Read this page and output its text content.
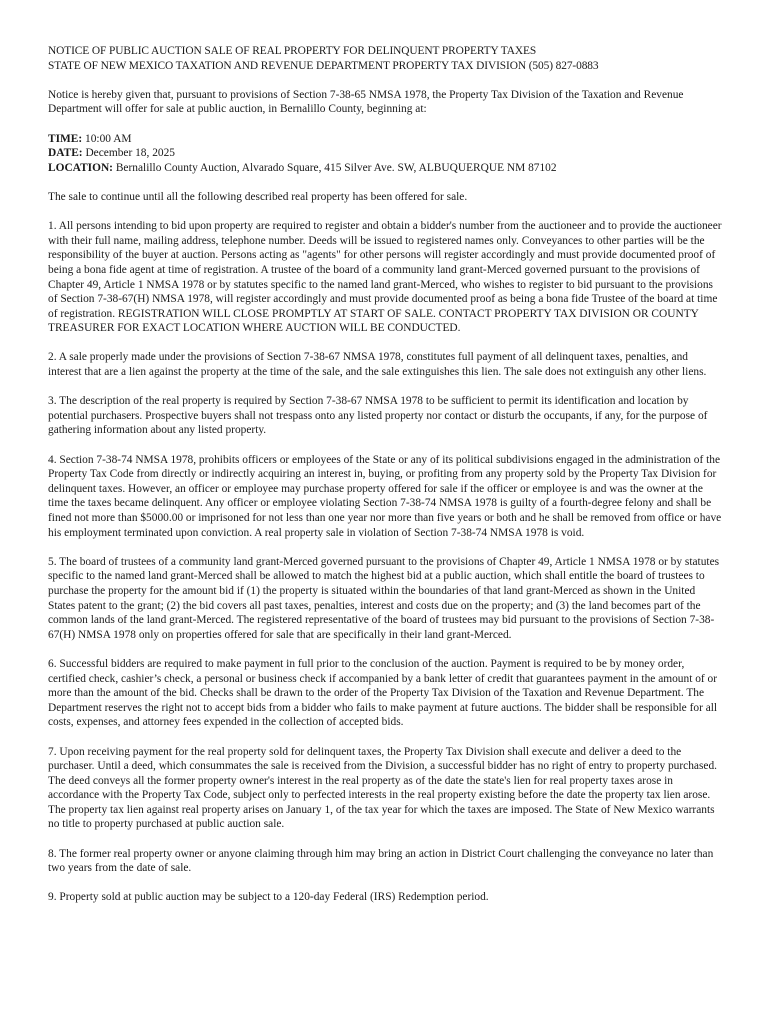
NOTICE OF PUBLIC AUCTION SALE OF REAL PROPERTY FOR DELINQUENT PROPERTY TAXES
STATE OF NEW MEXICO TAXATION AND REVENUE DEPARTMENT PROPERTY TAX DIVISION (505) 827-0883

Notice is hereby given that, pursuant to provisions of Section 7-38-65 NMSA 1978, the Property Tax Division of the Taxation and Revenue Department will offer for sale at public auction, in Bernalillo County, beginning at:

TIME: 10:00 AM
DATE: December 18, 2025
LOCATION: Bernalillo County Auction, Alvarado Square, 415 Silver Ave. SW, ALBUQUERQUE NM 87102

The sale to continue until all the following described real property has been offered for sale.

1. All persons intending to bid upon property are required to register and obtain a bidder's number from the auctioneer and to provide the auctioneer with their full name, mailing address, telephone number. Deeds will be issued to registered names only. Conveyances to other parties will be the responsibility of the buyer at auction. Persons acting as "agents" for other persons will register accordingly and must provide documented proof of being a bona fide agent at time of registration. A trustee of the board of a community land grant-Merced governed pursuant to the provisions of Chapter 49, Article 1 NMSA 1978 or by statutes specific to the named land grant-Merced, who wishes to register to bid pursuant to the provisions of Section 7-38-67(H) NMSA 1978, will register accordingly and must provide documented proof as being a bona fide Trustee of the board at time of registration. REGISTRATION WILL CLOSE PROMPTLY AT START OF SALE. CONTACT PROPERTY TAX DIVISION OR COUNTY TREASURER FOR EXACT LOCATION WHERE AUCTION WILL BE CONDUCTED.

2. A sale properly made under the provisions of Section 7-38-67 NMSA 1978, constitutes full payment of all delinquent taxes, penalties, and interest that are a lien against the property at the time of the sale, and the sale extinguishes this lien. The sale does not extinguish any other liens.

3. The description of the real property is required by Section 7-38-67 NMSA 1978 to be sufficient to permit its identification and location by potential purchasers. Prospective buyers shall not trespass onto any listed property nor contact or disturb the occupants, if any, for the purpose of gathering information about any listed property.

4. Section 7-38-74 NMSA 1978, prohibits officers or employees of the State or any of its political subdivisions engaged in the administration of the Property Tax Code from directly or indirectly acquiring an interest in, buying, or profiting from any property sold by the Property Tax Division for delinquent taxes. However, an officer or employee may purchase property offered for sale if the officer or employee is and was the owner at the time the taxes became delinquent. Any officer or employee violating Section 7-38-74 NMSA 1978 is guilty of a fourth-degree felony and shall be fined not more than $5000.00 or imprisoned for not less than one year nor more than five years or both and he shall be removed from office or have his employment terminated upon conviction. A real property sale in violation of Section 7-38-74 NMSA 1978 is void.

5. The board of trustees of a community land grant-Merced governed pursuant to the provisions of Chapter 49, Article 1 NMSA 1978 or by statutes specific to the named land grant-Merced shall be allowed to match the highest bid at a public auction, which shall entitle the board of trustees to purchase the property for the amount bid if (1) the property is situated within the boundaries of that land grant-Merced as shown in the United States patent to the grant; (2) the bid covers all past taxes, penalties, interest and costs due on the property; and (3) the land becomes part of the common lands of the land grant-Merced. The registered representative of the board of trustees may bid pursuant to the provisions of Section 7-38-67(H) NMSA 1978 only on properties offered for sale that are specifically in their land grant-Merced.

6. Successful bidders are required to make payment in full prior to the conclusion of the auction. Payment is required to be by money order, certified check, cashier’s check, a personal or business check if accompanied by a bank letter of credit that guarantees payment in the amount of or more than the amount of the bid. Checks shall be drawn to the order of the Property Tax Division of the Taxation and Revenue Department. The Department reserves the right not to accept bids from a bidder who fails to make payment at future auctions. The bidder shall be responsible for all costs, expenses, and attorney fees expended in the collection of accepted bids.

7. Upon receiving payment for the real property sold for delinquent taxes, the Property Tax Division shall execute and deliver a deed to the purchaser. Until a deed, which consummates the sale is received from the Division, a successful bidder has no right of entry to property purchased. The deed conveys all the former property owner's interest in the real property as of the date the state's lien for real property taxes arose in accordance with the Property Tax Code, subject only to perfected interests in the real property existing before the date the property tax lien arose. The property tax lien against real property arises on January 1, of the tax year for which the taxes are imposed. The State of New Mexico warrants no title to property purchased at public auction sale.

8. The former real property owner or anyone claiming through him may bring an action in District Court challenging the conveyance no later than two years from the date of sale.

9. Property sold at public auction may be subject to a 120-day Federal (IRS) Redemption period.
